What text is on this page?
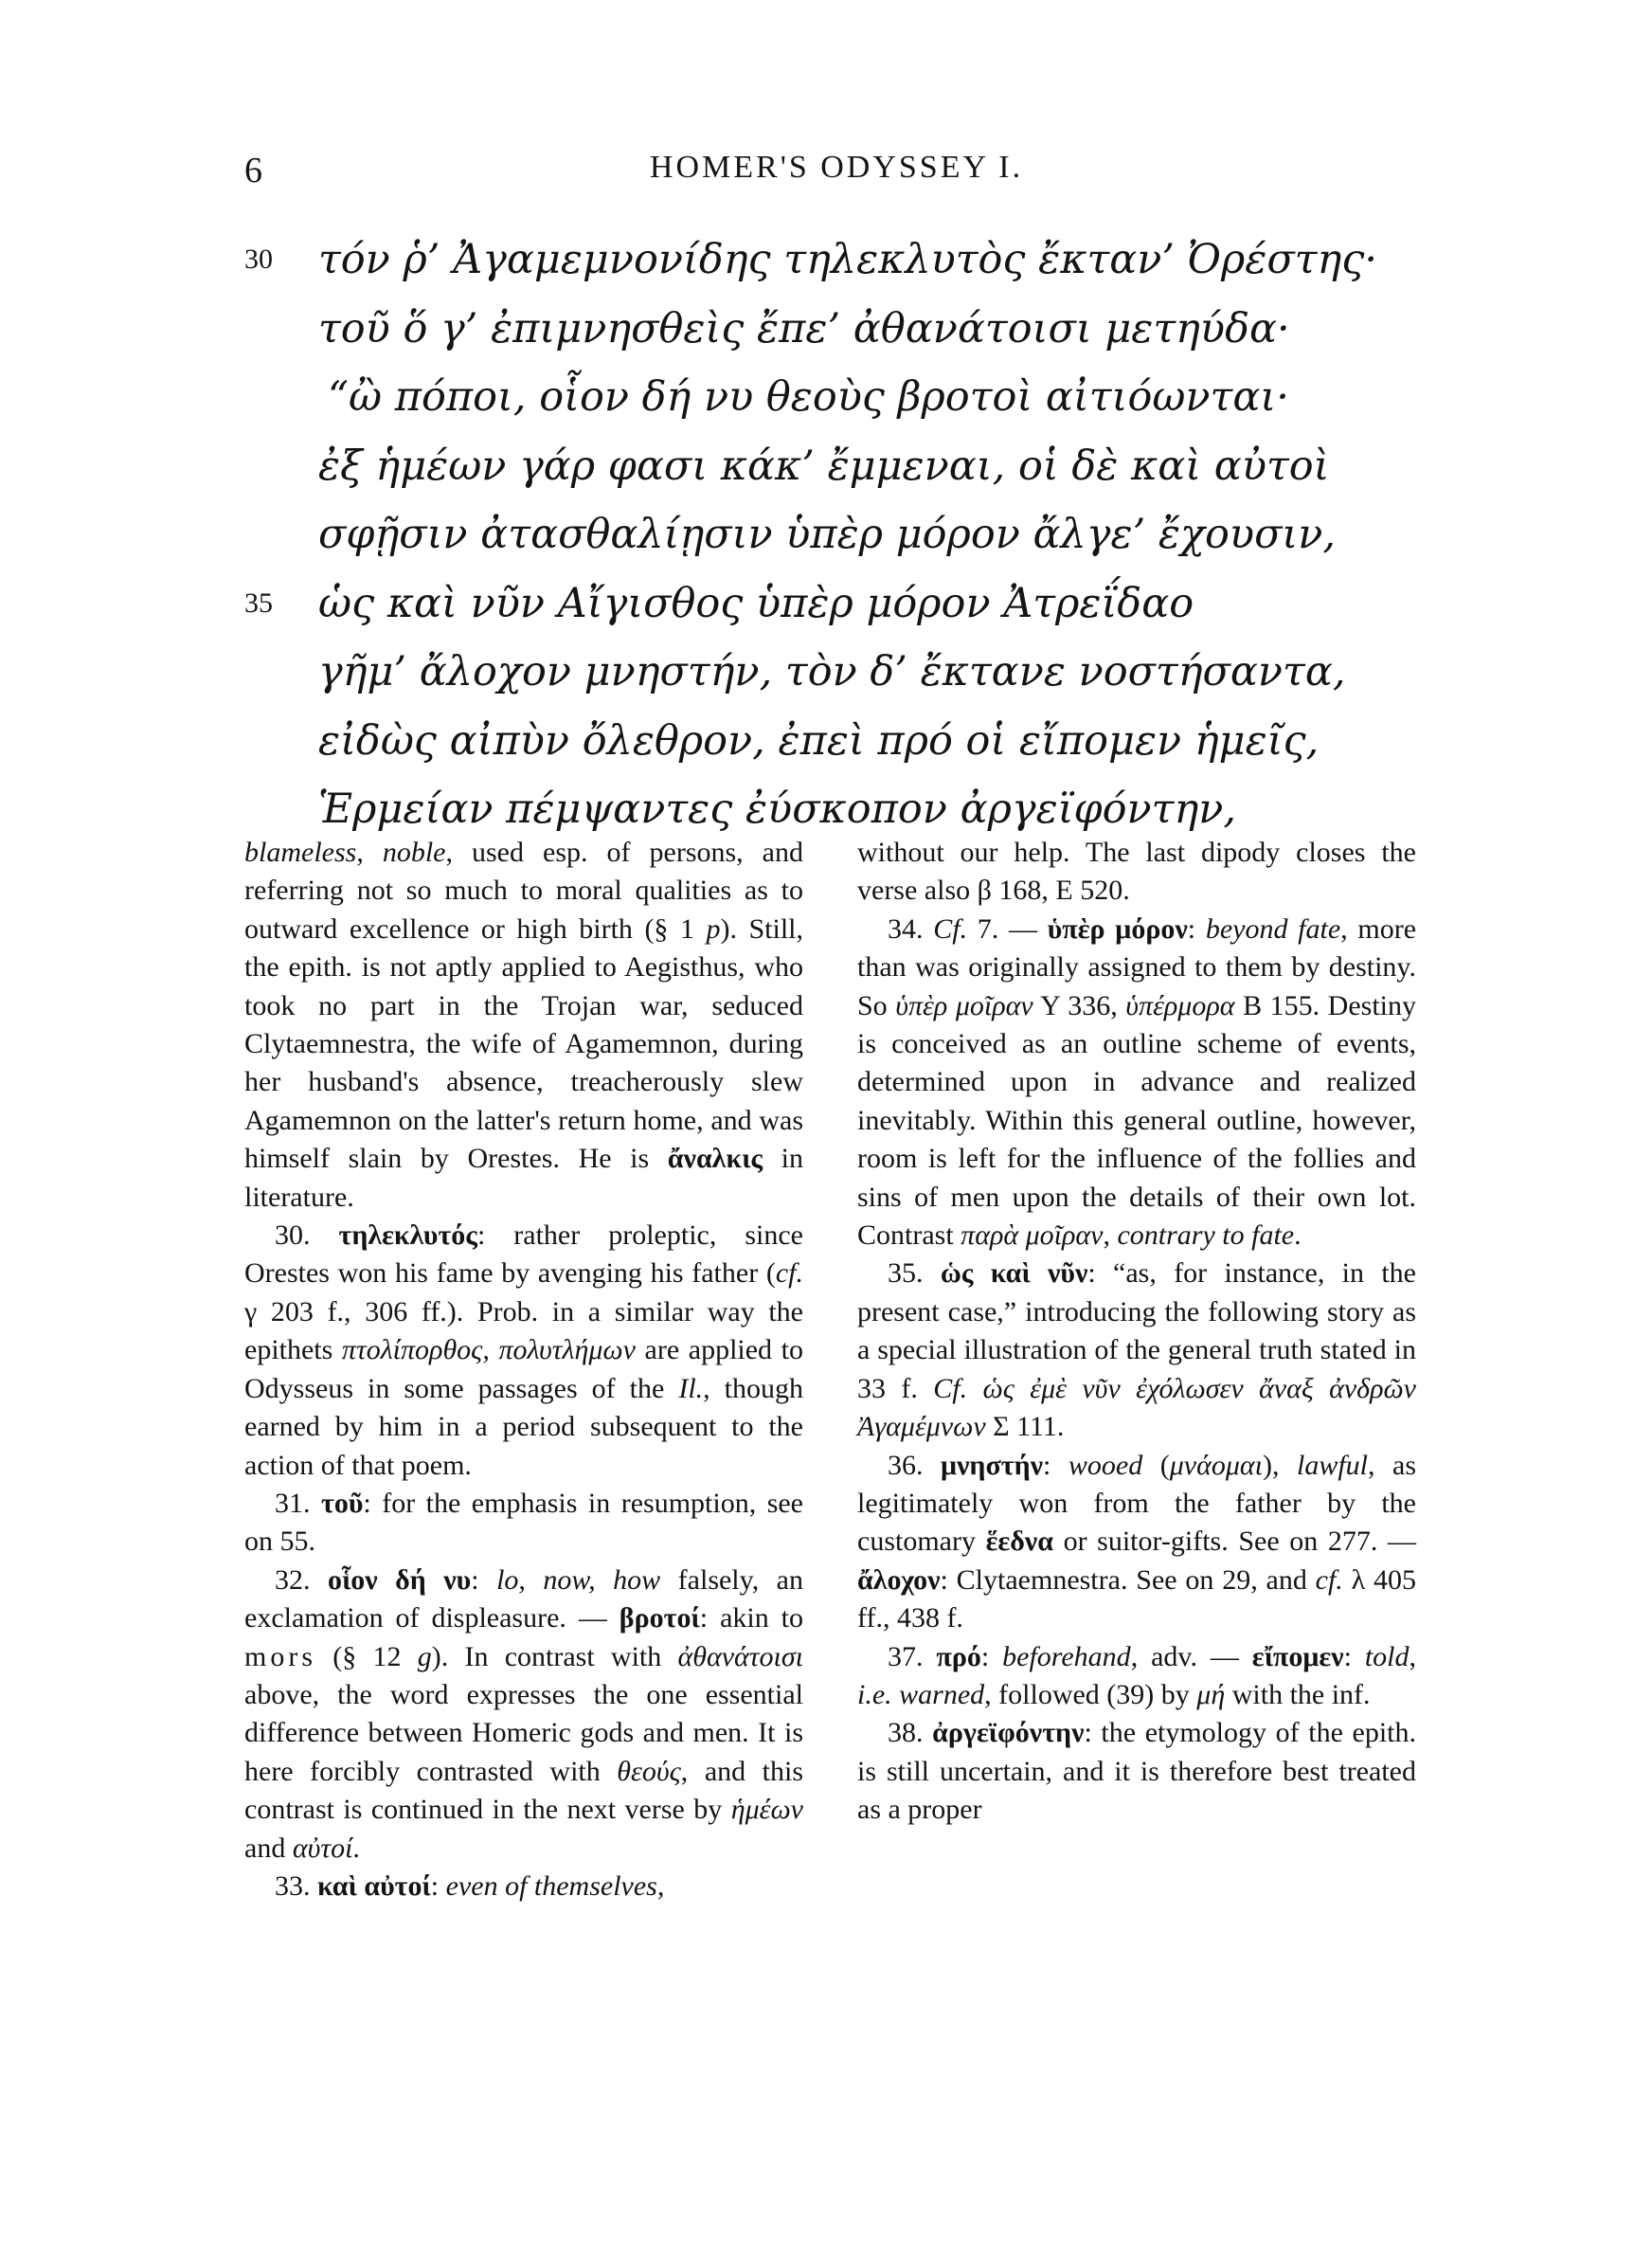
6	HOMER'S ODYSSEY I.
30 τόν ῥ’ Ἀγαμεμνονίδης τηλεκλυτὸς ἔκταν’ Ὀρέστης·
τοῦ ὅ γ’ ἐπιμνησθεὶς ἔπε’ ἀθανάτοισι μετηύδα·
“ὢ πόποι, οἷον δή νυ θεοὺς βροτοὶ αἰτιόωνται·
ἐξ ἡμέων γάρ φασι κάκ’ ἔμμεναι, οἱ δὲ καὶ αὐτοὶ
σφῇσιν ἀτασθαλίῃσιν ὑπὲρ μόρον ἄλγε’ ἔχουσιν,
35 ὡς καὶ νῦν Αἴγισθος ὑπὲρ μόρον Ἀτρεΐδαο
γῆμ’ ἄλοχον μνηστήν, τὸν δ’ ἔκτανε νοστήσαντα,
εἰδὼς αἰπὺν ὄλεθρον, ἐπεὶ πρό οἱ εἴπομεν ἡμεῖς,
Ἑρμείαν πέμψαντες ἐύσκοπον ἀργεϊφόντην,

blameless, noble, used esp. of persons, and referring not so much to moral qualities as to outward excellence or high birth (§ 1 p). Still, the epith. is not aptly applied to Aegisthus, who took no part in the Trojan war, seduced Clytaemnestra, the wife of Agamemnon, during her husband's absence, treacherously slew Agamemnon on the latter's return home, and was himself slain by Orestes. He is ἄναλκις in literature.

30. τηλεκλυτός: rather proleptic, since Orestes won his fame by avenging his father (cf. γ 203 f., 306 ff.). Prob. in a similar way the epithets πτολίπορθος, πολυτλήμων are applied to Odysseus in some passages of the Il., though earned by him in a period subsequent to the action of that poem.

31. τοῦ: for the emphasis in resumption, see on 55.

32. οἷον δή νυ: lo, now, how falsely, an exclamation of displeasure. — βροτοί: akin to mors (§ 12 g). In contrast with ἀθανάτοισι above, the word expresses the one essential difference between Homeric gods and men. It is here forcibly contrasted with θεούς, and this contrast is continued in the next verse by ἡμέων and αὐτοί.

33. καὶ αὐτοί: even of themselves,

without our help. The last dipody closes the verse also β 168, Ε 520.

34. Cf. 7. — ὑπὲρ μόρον: beyond fate, more than was originally assigned to them by destiny. So ὑπὲρ μοῖραν Υ 336, ὑπέρμορα Β 155. Destiny is conceived as an outline scheme of events, determined upon in advance and realized inevitably. Within this general outline, however, room is left for the influence of the follies and sins of men upon the details of their own lot. Contrast παρὰ μοῖραν, contrary to fate.

35. ὡς καὶ νῦν: “as, for instance, in the present case,” introducing the following story as a special illustration of the general truth stated in 33 f. Cf. ὡς ἐμὲ νῦν ἐχόλωσεν ἄναξ ἀνδρῶν Ἀγαμέμνων Σ 111.

36. μνηστήν: wooed (μνάομαι), lawful, as legitimately won from the father by the customary ἕεδνα or suitor-gifts. See on 277. — ἄλοχον: Clytaemnestra. See on 29, and cf. λ 405 ff., 438 f.

37. πρό: beforehand, adv. — εἴπομεν: told, i.e. warned, followed (39) by μή with the inf.

38. ἀργεϊφόντην: the etymology of the epith. is still uncertain, and it is therefore best treated as a proper
